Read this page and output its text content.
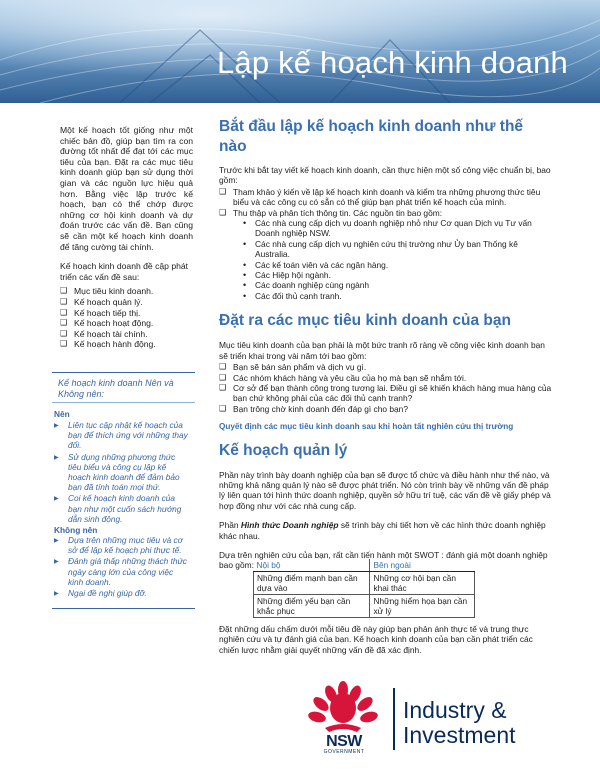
Lập kế hoạch kinh doanh

Một kế hoạch tốt giống như một chiếc bản đồ, giúp bạn tìm ra con đường tốt nhất để đạt tới các mục tiêu của bạn. Đặt ra các mục tiêu kinh doanh giúp bạn sử dụng thời gian và các nguồn lực hiệu quả hơn. Bằng việc lập trước kế hoạch, bạn có thể chớp được những cơ hội kinh doanh và dự đoán trước các vấn đề. Bạn cũng sẽ cần một kế hoạch kinh doanh để tăng cường tài chính.

Kế hoạch kinh doanh đề cập phát triển các vấn đề sau:

❑ Mục tiêu kinh doanh.
❑ Kế hoạch quản lý.
❑ Kế hoạch tiếp thị.
❑ Kế hoạch hoạt động.
❑ Kế hoạch tài chính.
❑ Kế hoạch hành động.
Kế hoạch kinh doanh Nên và Không nên:
Nên
▶ Liên tục cập nhật kế hoạch của bạn để thích ứng với những thay đổi.
▶ Sử dụng những phương thức tiêu biểu và công cụ lập kế hoạch kinh doanh để đảm bảo bạn đã tính toán mọi thứ.
▶ Coi kế hoạch kinh doanh của bạn như một cuốn sách hướng dẫn sinh động.
Không nên
▶ Dựa trên những mục tiêu và cơ sở để lập kế hoạch phi thực tế.
▶ Đánh giá thấp những thách thức ngày càng lớn của công việc kinh doanh.
▶ Ngại đề nghị giúp đỡ.
Bắt đầu lập kế hoạch kinh doanh như thế nào

Trước khi bắt tay viết kế hoạch kinh doanh, cần thực hiện một số công việc chuẩn bị, bao gồm:

❑ Tham khảo ý kiến về lập kế hoạch kinh doanh và kiểm tra những phương thức tiêu biểu và các công cụ có sẵn có thể giúp bạn phát triển kế hoạch của mình.
❑ Thu thập và phân tích thông tin. Các nguồn tin bao gồm:
• Các nhà cung cấp dịch vụ doanh nghiệp nhỏ như Cơ quan Dịch vụ Tư vấn Doanh nghiệp NSW.
• Các nhà cung cấp dịch vụ nghiên cứu thị trường như Ủy ban Thống kê Australia.
• Các kế toán viên và các ngân hàng.
• Các Hiệp hội ngành.
• Các doanh nghiệp cùng ngành
• Các đối thủ cạnh tranh.
Đặt ra các mục tiêu kinh doanh của bạn

Mục tiêu kinh doanh của bạn phải là một bức tranh rõ ràng về công việc kinh doanh bạn sẽ triển khai trong vài năm tới bao gồm:

❑ Bạn sẽ bán sản phẩm và dịch vụ gì.
❑ Các nhóm khách hàng và yêu cầu của họ mà bạn sẽ nhắm tới.
❑ Cơ sở để bạn thành công trong tương lai. Điều gì sẽ khiến khách hàng mua hàng của bạn chứ không phải của các đối thủ cạnh tranh?
❑ Bạn trông chờ kinh doanh đến đáp gì cho bạn?
Quyết định các mục tiêu kinh doanh sau khi hoàn tất nghiên cứu thị trường
Kế hoạch quản lý

Phần này trình bày doanh nghiệp của bạn sẽ được tổ chức và điều hành như thế nào, và những khả năng quản lý nào sẽ được phát triển. Nó còn trình bày về những vấn đề pháp lý liên quan tới hình thức doanh nghiệp, quyền sở hữu trí tuệ, các vấn đề về giấy phép và hợp đồng như với các nhà cung cấp.

Phần Hình thức Doanh nghiệp sẽ trình bày chi tiết hơn về các hình thức doanh nghiệp khác nhau.

Dựa trên nghiên cứu của bạn, rất cần tiến hành một SWOT : đánh giá một doanh nghiệp bao gồm: Nội bộ	Bên ngoài
Những điểm mạnh bạn cần dựa vào	Những cơ hội bạn cần khai thác
Những điểm yếu bạn cần khắc phục	Những hiểm họa bạn cần xử lý
Đặt những dấu chấm dưới mỗi tiêu đề này giúp bạn phản ánh thực tế và trung thực nghiên cứu và tự đánh giá của bạn. Kế hoạch kinh doanh của bạn cần phát triển các chiến lược nhằm giải quyết những vấn đề đã xác định.
NSW
GOVERNMENT
Industry &
Investment
